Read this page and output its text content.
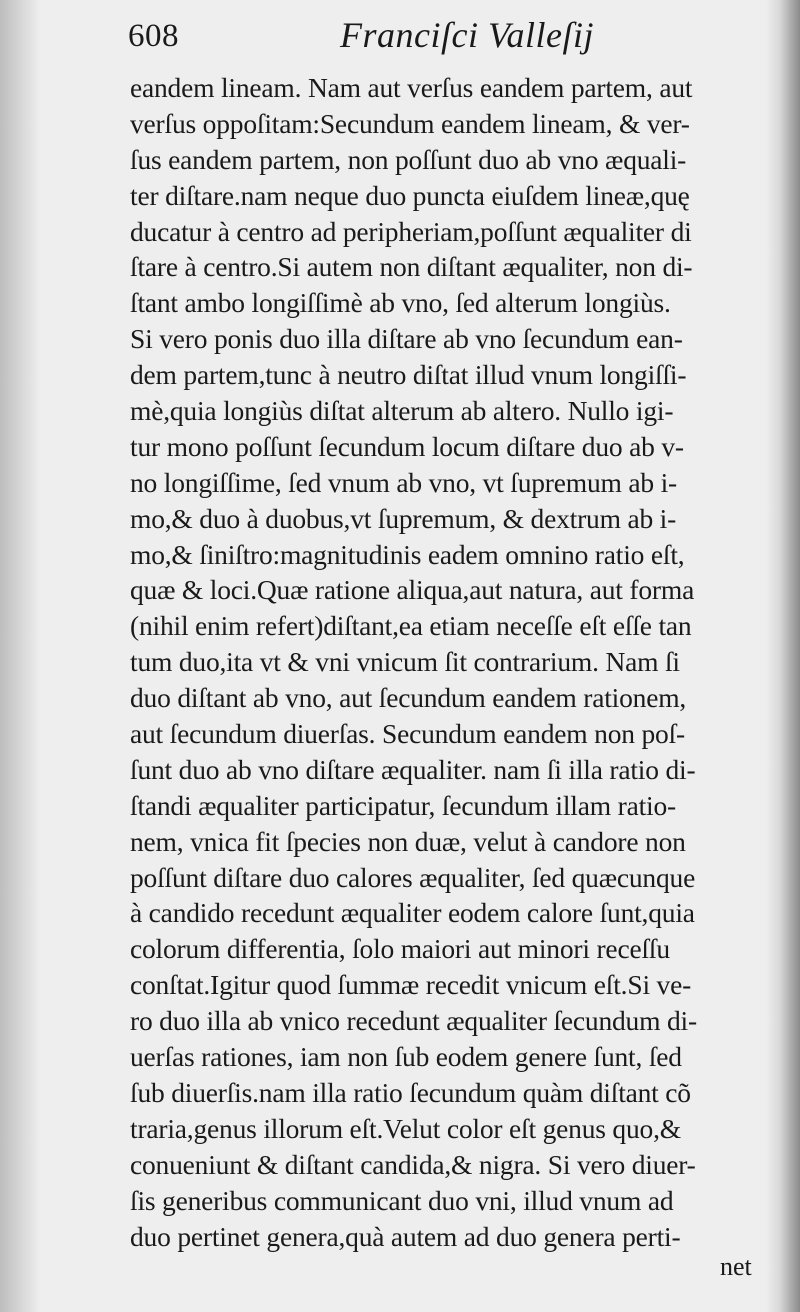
608	Franciſci Valleſij
eandem lineam. Nam aut verſus eandem partem, aut
verſus oppoſitam:Secundum eandem lineam, & ver-
ſus eandem partem, non poſſunt duo ab vno æquali-
ter diſtare.nam neque duo puncta eiuſdem lineæ,quę
ducatur à centro ad peripheriam,poſſunt æqualiter di
ſtare à centro.Si autem non diſtant æqualiter, non di-
ſtant ambo longiſſimè ab vno, ſed alterum longiùs.
Si vero ponis duo illa diſtare ab vno ſecundum ean-
dem partem,tunc à neutro diſtat illud vnum longiſſi-
mè,quia longiùs diſtat alterum ab altero. Nullo igi-
tur mono poſſunt ſecundum locum diſtare duo ab v-
no longiſſime, ſed vnum ab vno, vt ſupremum ab i-
mo,& duo à duobus,vt ſupremum, & dextrum ab i-
mo,& ſiniſtro:magnitudinis eadem omnino ratio eſt,
quæ & loci.Quæ ratione aliqua,aut natura, aut forma
(nihil enim refert)diſtant,ea etiam neceſſe eſt eſſe tan
tum duo,ita vt & vni vnicum ſit contrarium. Nam ſi
duo diſtant ab vno, aut ſecundum eandem rationem,
aut ſecundum diuerſas. Secundum eandem non poſ-
ſunt duo ab vno diſtare æqualiter. nam ſi illa ratio di-
ſtandi æqualiter participatur, ſecundum illam ratio-
nem, vnica fit ſpecies non duæ, velut à candore non
poſſunt diſtare duo calores æqualiter, ſed quæcunque
à candido recedunt æqualiter eodem calore ſunt,quia
colorum differentia, ſolo maiori aut minori receſſu
conſtat.Igitur quod ſummæ recedit vnicum eſt.Si ve-
ro duo illa ab vnico recedunt æqualiter ſecundum di-
uerſas rationes, iam non ſub eodem genere ſunt, ſed
ſub diuerſis.nam illa ratio ſecundum quàm diſtant cõ
traria,genus illorum eſt.Velut color eſt genus quo,&
conueniunt & diſtant candida,& nigra. Si vero diuer-
ſis generibus communicant duo vni, illud vnum ad
duo pertinet genera,quà autem ad duo genera perti-
net
